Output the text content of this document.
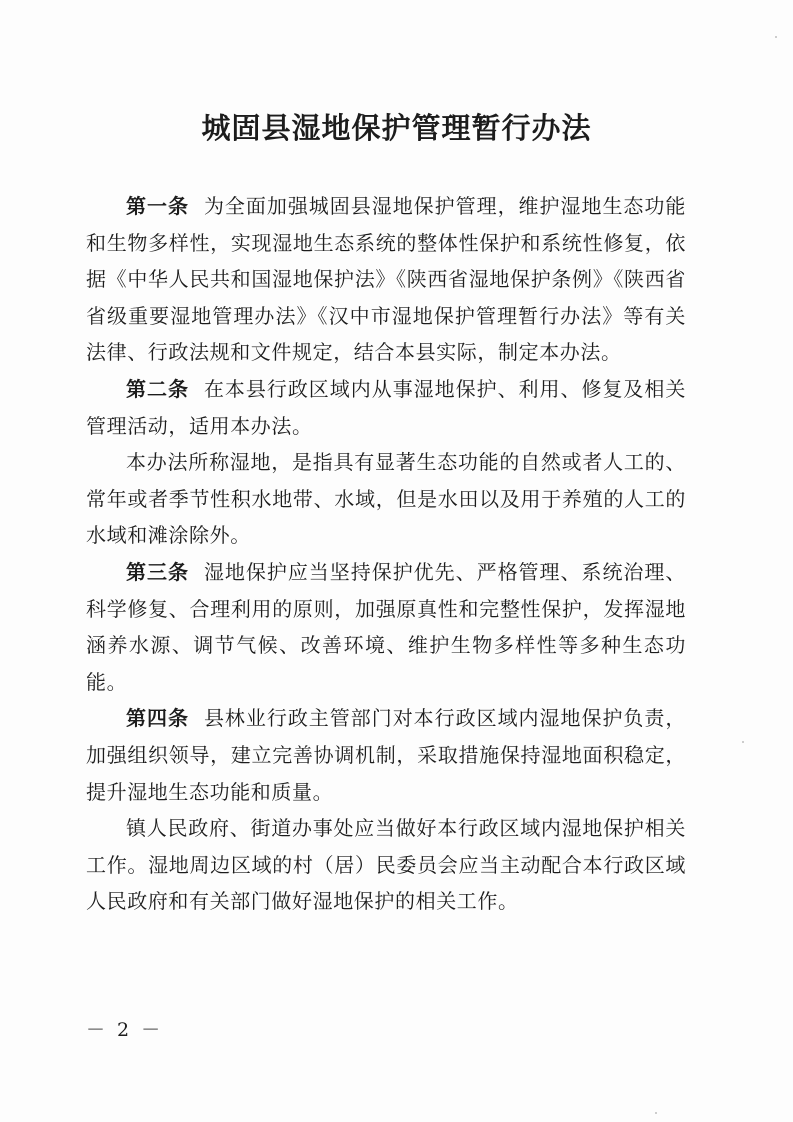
城固县湿地保护管理暂行办法

第一条 为全面加强城固县湿地保护管理，维护湿地生态功能和生物多样性，实现湿地生态系统的整体性保护和系统性修复，依据《中华人民共和国湿地保护法》《陕西省湿地保护条例》《陕西省省级重要湿地管理办法》《汉中市湿地保护管理暂行办法》等有关法律、行政法规和文件规定，结合本县实际，制定本办法。

第二条 在本县行政区域内从事湿地保护、利用、修复及相关管理活动，适用本办法。

本办法所称湿地，是指具有显著生态功能的自然或者人工的、常年或者季节性积水地带、水域，但是水田以及用于养殖的人工的水域和滩涂除外。

第三条 湿地保护应当坚持保护优先、严格管理、系统治理、科学修复、合理利用的原则，加强原真性和完整性保护，发挥湿地涵养水源、调节气候、改善环境、维护生物多样性等多种生态功能。

第四条 县林业行政主管部门对本行政区域内湿地保护负责，加强组织领导，建立完善协调机制，采取措施保持湿地面积稳定，提升湿地生态功能和质量。

镇人民政府、街道办事处应当做好本行政区域内湿地保护相关工作。湿地周边区域的村（居）民委员会应当主动配合本行政区域人民政府和有关部门做好湿地保护的相关工作。

－ 2 －
